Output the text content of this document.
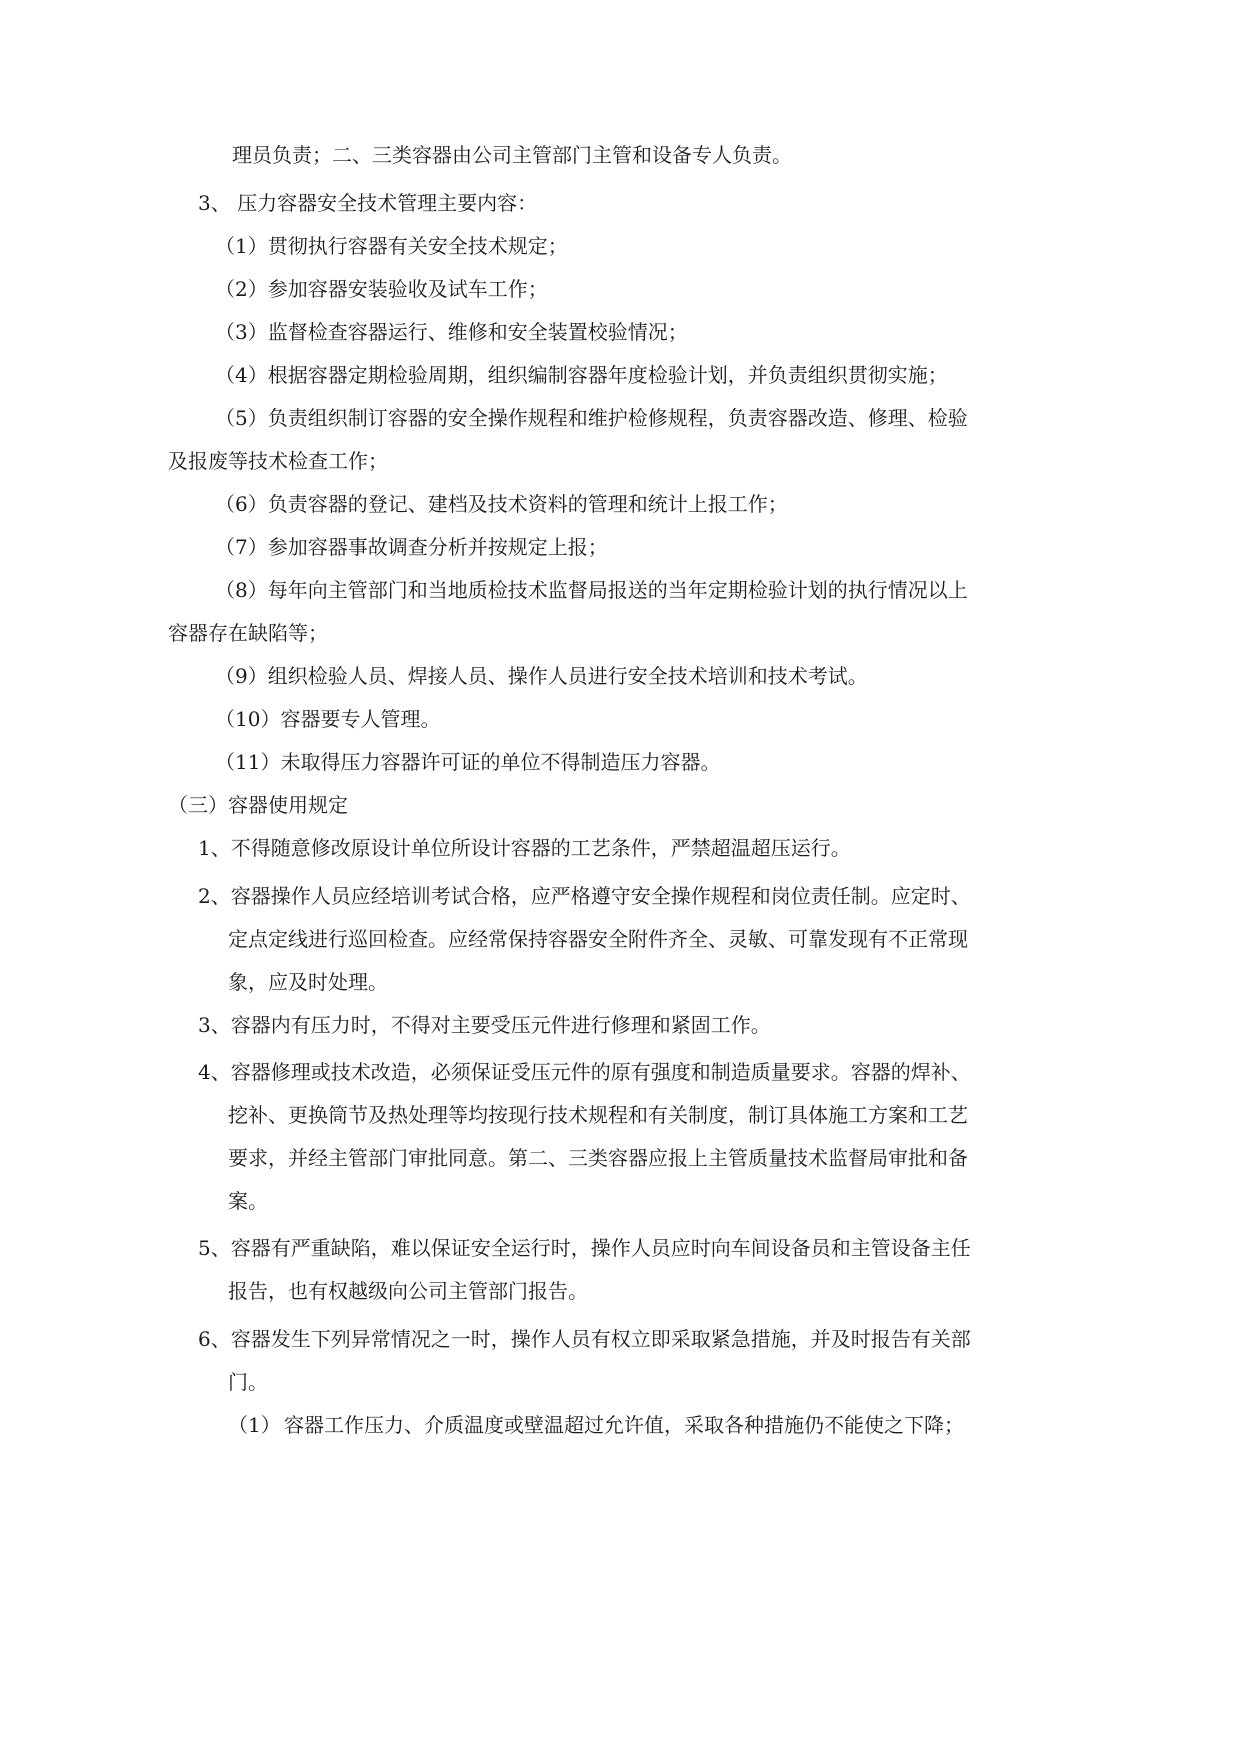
理员负责；二、三类容器由公司主管部门主管和设备专人负责。
3、 压力容器安全技术管理主要内容：
（1）贯彻执行容器有关安全技术规定；
（2）参加容器安装验收及试车工作；
（3）监督检查容器运行、维修和安全装置校验情况；
（4）根据容器定期检验周期，组织编制容器年度检验计划，并负责组织贯彻实施；
（5）负责组织制订容器的安全操作规程和维护检修规程，负责容器改造、修理、检验
及报废等技术检查工作；
（6）负责容器的登记、建档及技术资料的管理和统计上报工作；
（7）参加容器事故调查分析并按规定上报；
（8）每年向主管部门和当地质检技术监督局报送的当年定期检验计划的执行情况以上
容器存在缺陷等；
（9）组织检验人员、焊接人员、操作人员进行安全技术培训和技术考试。
（10）容器要专人管理。
（11）未取得压力容器许可证的单位不得制造压力容器。
（三）容器使用规定
1、不得随意修改原设计单位所设计容器的工艺条件，严禁超温超压运行。
2、容器操作人员应经培训考试合格，应严格遵守安全操作规程和岗位责任制。应定时、
定点定线进行巡回检查。应经常保持容器安全附件齐全、灵敏、可靠发现有不正常现
象，应及时处理。
3、容器内有压力时，不得对主要受压元件进行修理和紧固工作。
4、容器修理或技术改造，必须保证受压元件的原有强度和制造质量要求。容器的焊补、
挖补、更换筒节及热处理等均按现行技术规程和有关制度，制订具体施工方案和工艺
要求，并经主管部门审批同意。第二、三类容器应报上主管质量技术监督局审批和备
案。
5、容器有严重缺陷，难以保证安全运行时，操作人员应时向车间设备员和主管设备主任
报告，也有权越级向公司主管部门报告。
6、容器发生下列异常情况之一时，操作人员有权立即采取紧急措施，并及时报告有关部
门。
（1） 容器工作压力、介质温度或壁温超过允许值，采取各种措施仍不能使之下降；
